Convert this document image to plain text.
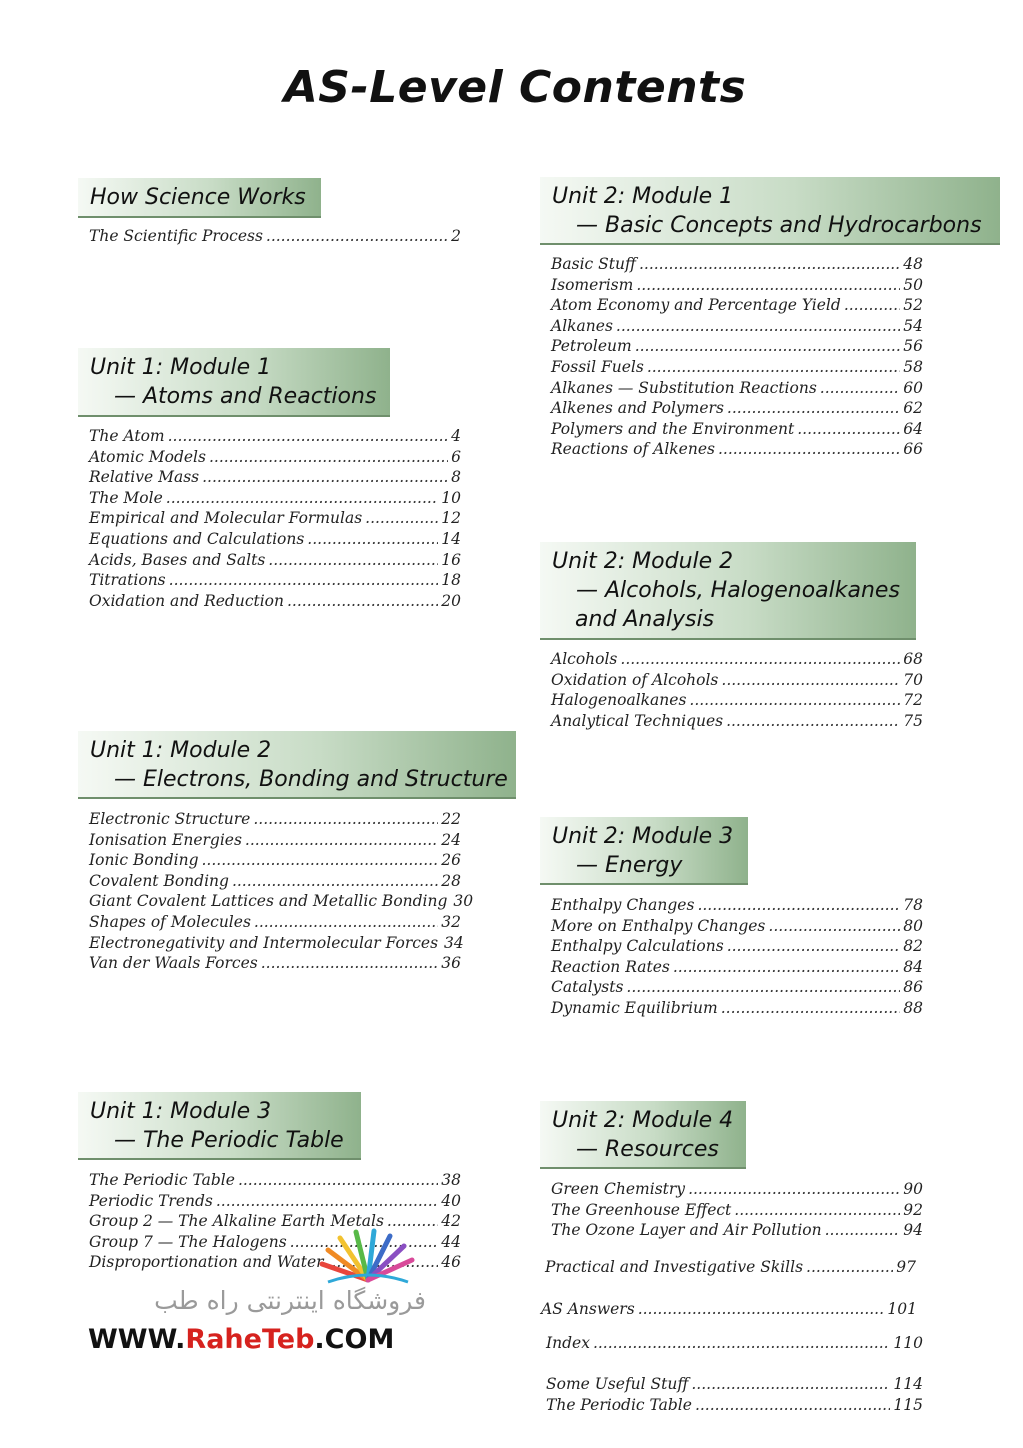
AS-Level Contents
How Science Works
The Scientific Process .....	2
Unit 1: Module 1
— Atoms and Reactions
The Atom .....	4
Atomic Models .....	6
Relative Mass .....	8
The Mole .....	10
Empirical and Molecular Formulas .....	12
Equations and Calculations .....	14
Acids, Bases and Salts .....	16
Titrations .....	18
Oxidation and Reduction .....	20
Unit 1: Module 2
— Electrons, Bonding and Structure
Electronic Structure .....	22
Ionisation Energies .....	24
Ionic Bonding .....	26
Covalent Bonding .....	28
Giant Covalent Lattices and Metallic Bonding 30
Shapes of Molecules .....	32
Electronegativity and Intermolecular Forces 34
Van der Waals Forces .....	36
Unit 1: Module 3
— The Periodic Table
The Periodic Table .....	38
Periodic Trends .....	40
Group 2 — The Alkaline Earth Metals .....	42
Group 7 — The Halogens .....	44
Disproportionation and Water .....	46
Unit 2: Module 1
— Basic Concepts and Hydrocarbons
Basic Stuff .....	48
Isomerism .....	50
Atom Economy and Percentage Yield .....	52
Alkanes .....	54
Petroleum .....	56
Fossil Fuels .....	58
Alkanes — Substitution Reactions .....	60
Alkenes and Polymers .....	62
Polymers and the Environment .....	64
Reactions of Alkenes .....	66
Unit 2: Module 2
— Alcohols, Halogenoalkanes
and Analysis
Alcohols .....	68
Oxidation of Alcohols .....	70
Halogenoalkanes .....	72
Analytical Techniques .....	75
Unit 2: Module 3
— Energy
Enthalpy Changes .....	78
More on Enthalpy Changes .....	80
Enthalpy Calculations .....	82
Reaction Rates .....	84
Catalysts .....	86
Dynamic Equilibrium .....	88
Unit 2: Module 4
— Resources
Green Chemistry .....	90
The Greenhouse Effect .....	92
The Ozone Layer and Air Pollution .....	94
Practical and Investigative Skills .....	97
AS Answers .....	101
Index .....	110
Some Useful Stuff .....	114
The Periodic Table .....	115
فروشگاه اینترنتی راه طب
WWW.RaheTeb.COM
